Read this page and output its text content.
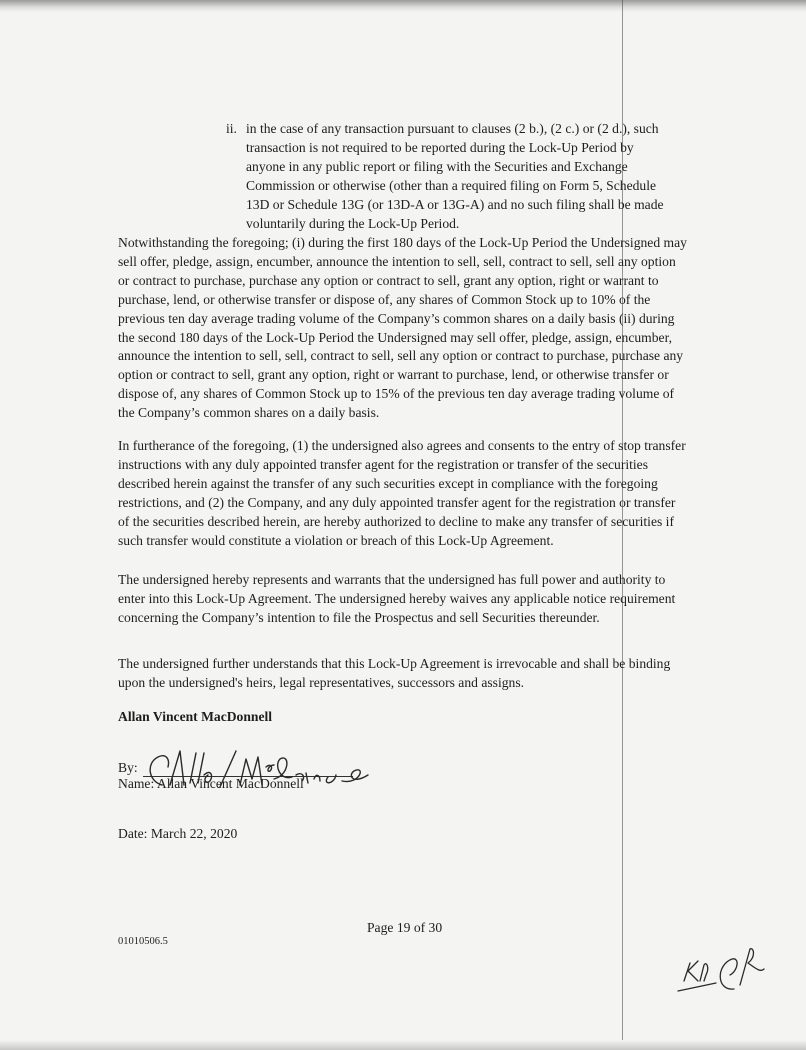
ii. in the case of any transaction pursuant to clauses (2 b.), (2 c.) or (2 d.), such transaction is not required to be reported during the Lock-Up Period by anyone in any public report or filing with the Securities and Exchange Commission or otherwise (other than a required filing on Form 5, Schedule 13D or Schedule 13G (or 13D-A or 13G-A) and no such filing shall be made voluntarily during the Lock-Up Period.

Notwithstanding the foregoing; (i) during the first 180 days of the Lock-Up Period the Undersigned may sell offer, pledge, assign, encumber, announce the intention to sell, sell, contract to sell, sell any option or contract to purchase, purchase any option or contract to sell, grant any option, right or warrant to purchase, lend, or otherwise transfer or dispose of, any shares of Common Stock up to 10% of the previous ten day average trading volume of the Company’s common shares on a daily basis (ii) during the second 180 days of the Lock-Up Period the Undersigned may sell offer, pledge, assign, encumber, announce the intention to sell, sell, contract to sell, sell any option or contract to purchase, purchase any option or contract to sell, grant any option, right or warrant to purchase, lend, or otherwise transfer or dispose of, any shares of Common Stock up to 15% of the previous ten day average trading volume of the Company’s common shares on a daily basis.

In furtherance of the foregoing, (1) the undersigned also agrees and consents to the entry of stop transfer instructions with any duly appointed transfer agent for the registration or transfer of the securities described herein against the transfer of any such securities except in compliance with the foregoing restrictions, and (2) the Company, and any duly appointed transfer agent for the registration or transfer of the securities described herein, are hereby authorized to decline to make any transfer of securities if such transfer would constitute a violation or breach of this Lock-Up Agreement.

The undersigned hereby represents and warrants that the undersigned has full power and authority to enter into this Lock-Up Agreement. The undersigned hereby waives any applicable notice requirement concerning the Company’s intention to file the Prospectus and sell Securities thereunder.

The undersigned further understands that this Lock-Up Agreement is irrevocable and shall be binding upon the undersigned's heirs, legal representatives, successors and assigns.

Allan Vincent MacDonnell
By:
Name: Allan Vincent MacDonnell
Date: March 22, 2020
Page 19 of 30
01010506.5
